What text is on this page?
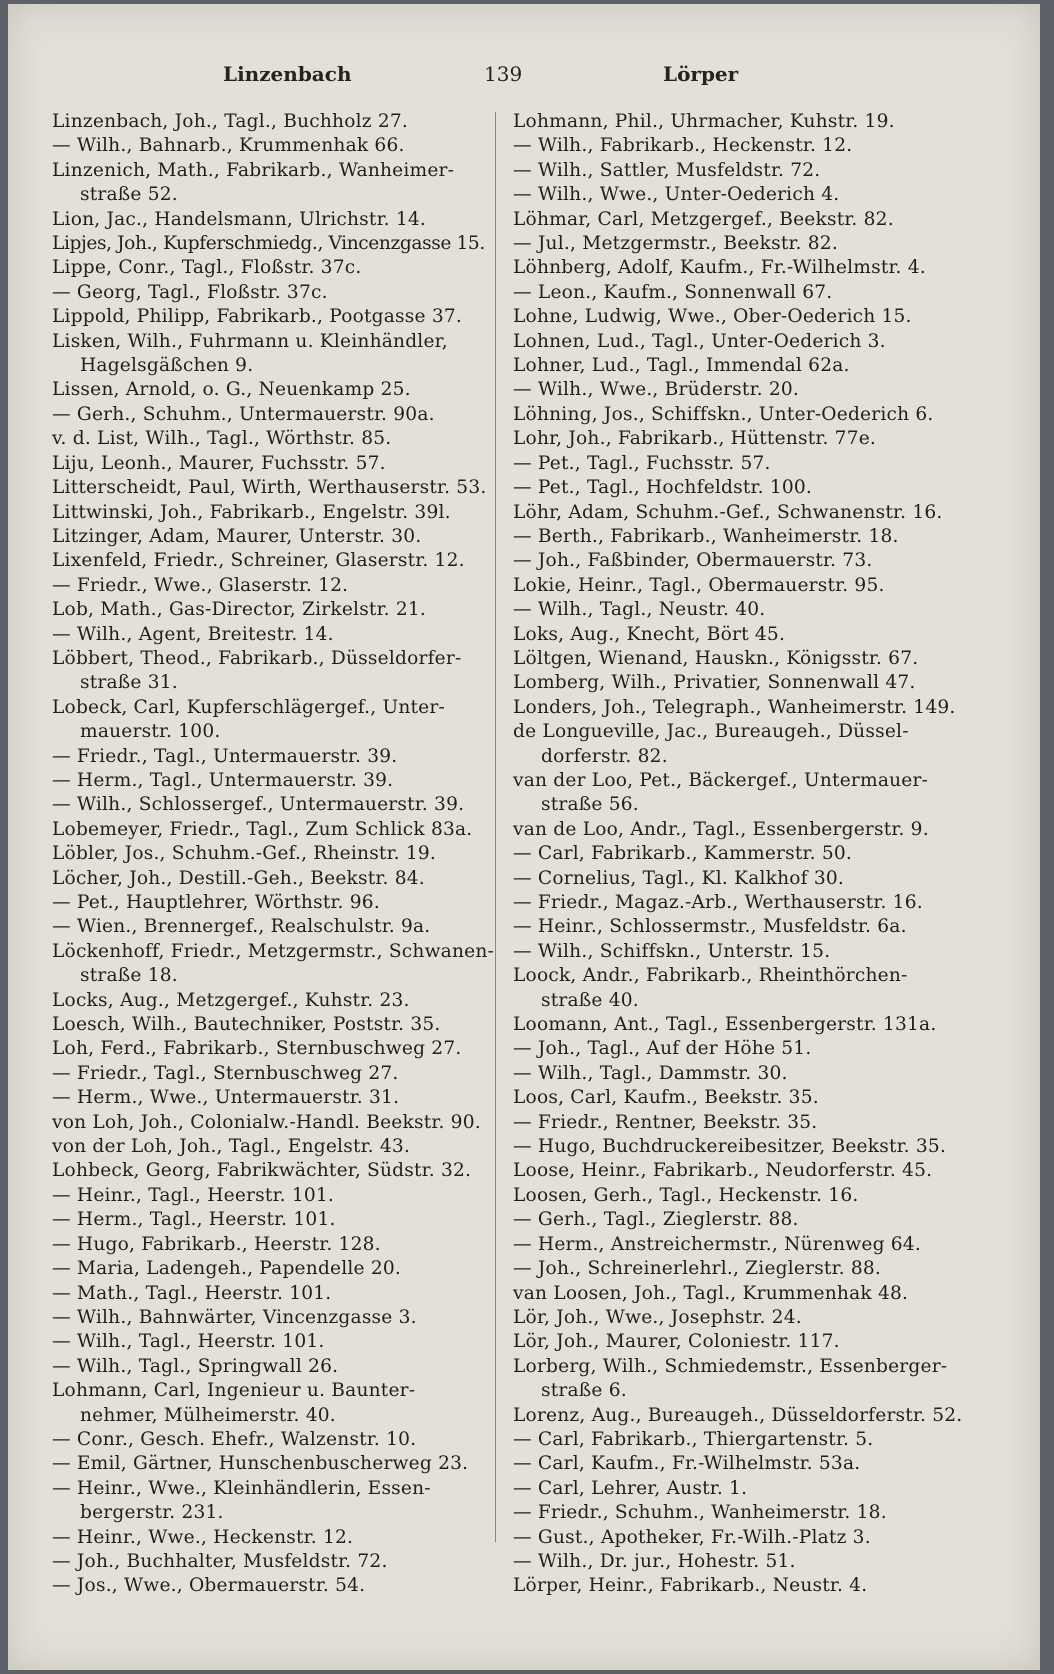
Linzenbach	139	Lörper
Linzenbach, Joh., Tagl., Buchholz 27.
— Wilh., Bahnarb., Krummenhak 66.
Linzenich, Math., Fabrikarb., Wanheimer-
straße 52.
Lion, Jac., Handelsmann, Ulrichstr. 14.
Lipjes, Joh., Kupferschmiedg., Vincenzgasse 15.
Lippe, Conr., Tagl., Floßstr. 37c.
— Georg, Tagl., Floßstr. 37c.
Lippold, Philipp, Fabrikarb., Pootgasse 37.
Lisken, Wilh., Fuhrmann u. Kleinhändler,
Hagelsgäßchen 9.
Lissen, Arnold, o. G., Neuenkamp 25.
— Gerh., Schuhm., Untermauerstr. 90a.
v. d. List, Wilh., Tagl., Wörthstr. 85.
Liju, Leonh., Maurer, Fuchsstr. 57.
Litterscheidt, Paul, Wirth, Werthauserstr. 53.
Littwinski, Joh., Fabrikarb., Engelstr. 39l.
Litzinger, Adam, Maurer, Unterstr. 30.
Lixenfeld, Friedr., Schreiner, Glaserstr. 12.
— Friedr., Wwe., Glaserstr. 12.
Lob, Math., Gas-Director, Zirkelstr. 21.
— Wilh., Agent, Breitestr. 14.
Löbbert, Theod., Fabrikarb., Düsseldorfer-
straße 31.
Lobeck, Carl, Kupferschlägergef., Unter-
mauerstr. 100.
— Friedr., Tagl., Untermauerstr. 39.
— Herm., Tagl., Untermauerstr. 39.
— Wilh., Schlossergef., Untermauerstr. 39.
Lobemeyer, Friedr., Tagl., Zum Schlick 83a.
Löbler, Jos., Schuhm.-Gef., Rheinstr. 19.
Löcher, Joh., Destill.-Geh., Beekstr. 84.
— Pet., Hauptlehrer, Wörthstr. 96.
— Wien., Brennergef., Realschulstr. 9a.
Löckenhoff, Friedr., Metzgermstr., Schwanen-
straße 18.
Locks, Aug., Metzgergef., Kuhstr. 23.
Loesch, Wilh., Bautechniker, Poststr. 35.
Loh, Ferd., Fabrikarb., Sternbuschweg 27.
— Friedr., Tagl., Sternbuschweg 27.
— Herm., Wwe., Untermauerstr. 31.
von Loh, Joh., Colonialw.-Handl. Beekstr. 90.
von der Loh, Joh., Tagl., Engelstr. 43.
Lohbeck, Georg, Fabrikwächter, Südstr. 32.
— Heinr., Tagl., Heerstr. 101.
— Herm., Tagl., Heerstr. 101.
— Hugo, Fabrikarb., Heerstr. 128.
— Maria, Ladengeh., Papendelle 20.
— Math., Tagl., Heerstr. 101.
— Wilh., Bahnwärter, Vincenzgasse 3.
— Wilh., Tagl., Heerstr. 101.
— Wilh., Tagl., Springwall 26.
Lohmann, Carl, Ingenieur u. Baunter-
nehmer, Mülheimerstr. 40.
— Conr., Gesch. Ehefr., Walzenstr. 10.
— Emil, Gärtner, Hunschenbuscherweg 23.
— Heinr., Wwe., Kleinhändlerin, Essen-
bergerstr. 231.
— Heinr., Wwe., Heckenstr. 12.
— Joh., Buchhalter, Musfeldstr. 72.
— Jos., Wwe., Obermauerstr. 54.
Lohmann, Phil., Uhrmacher, Kuhstr. 19.
— Wilh., Fabrikarb., Heckenstr. 12.
— Wilh., Sattler, Musfeldstr. 72.
— Wilh., Wwe., Unter-Oederich 4.
Löhmar, Carl, Metzgergef., Beekstr. 82.
— Jul., Metzgermstr., Beekstr. 82.
Löhnberg, Adolf, Kaufm., Fr.-Wilhelmstr. 4.
— Leon., Kaufm., Sonnenwall 67.
Lohne, Ludwig, Wwe., Ober-Oederich 15.
Lohnen, Lud., Tagl., Unter-Oederich 3.
Lohner, Lud., Tagl., Immendal 62a.
— Wilh., Wwe., Brüderstr. 20.
Löhning, Jos., Schiffskn., Unter-Oederich 6.
Lohr, Joh., Fabrikarb., Hüttenstr. 77e.
— Pet., Tagl., Fuchsstr. 57.
— Pet., Tagl., Hochfeldstr. 100.
Löhr, Adam, Schuhm.-Gef., Schwanenstr. 16.
— Berth., Fabrikarb., Wanheimerstr. 18.
— Joh., Faßbinder, Obermauerstr. 73.
Lokie, Heinr., Tagl., Obermauerstr. 95.
— Wilh., Tagl., Neustr. 40.
Loks, Aug., Knecht, Bört 45.
Löltgen, Wienand, Hauskn., Königsstr. 67.
Lomberg, Wilh., Privatier, Sonnenwall 47.
Londers, Joh., Telegraph., Wanheimerstr. 149.
de Longueville, Jac., Bureaugeh., Düssel-
dorferstr. 82.
van der Loo, Pet., Bäckergef., Untermauer-
straße 56.
van de Loo, Andr., Tagl., Essenbergerstr. 9.
— Carl, Fabrikarb., Kammerstr. 50.
— Cornelius, Tagl., Kl. Kalkhof 30.
— Friedr., Magaz.-Arb., Werthauserstr. 16.
— Heinr., Schlossermstr., Musfeldstr. 6a.
— Wilh., Schiffskn., Unterstr. 15.
Loock, Andr., Fabrikarb., Rheinthörchen-
straße 40.
Loomann, Ant., Tagl., Essenbergerstr. 131a.
— Joh., Tagl., Auf der Höhe 51.
— Wilh., Tagl., Dammstr. 30.
Loos, Carl, Kaufm., Beekstr. 35.
— Friedr., Rentner, Beekstr. 35.
— Hugo, Buchdruckereibesitzer, Beekstr. 35.
Loose, Heinr., Fabrikarb., Neudorferstr. 45.
Loosen, Gerh., Tagl., Heckenstr. 16.
— Gerh., Tagl., Zieglerstr. 88.
— Herm., Anstreichermstr., Nürenweg 64.
— Joh., Schreinerlehrl., Zieglerstr. 88.
van Loosen, Joh., Tagl., Krummenhak 48.
Lör, Joh., Wwe., Josephstr. 24.
Lör, Joh., Maurer, Coloniestr. 117.
Lorberg, Wilh., Schmiedemstr., Essenberger-
straße 6.
Lorenz, Aug., Bureaugeh., Düsseldorferstr. 52.
— Carl, Fabrikarb., Thiergartenstr. 5.
— Carl, Kaufm., Fr.-Wilhelmstr. 53a.
— Carl, Lehrer, Austr. 1.
— Friedr., Schuhm., Wanheimerstr. 18.
— Gust., Apotheker, Fr.-Wilh.-Platz 3.
— Wilh., Dr. jur., Hohestr. 51.
Lörper, Heinr., Fabrikarb., Neustr. 4.
